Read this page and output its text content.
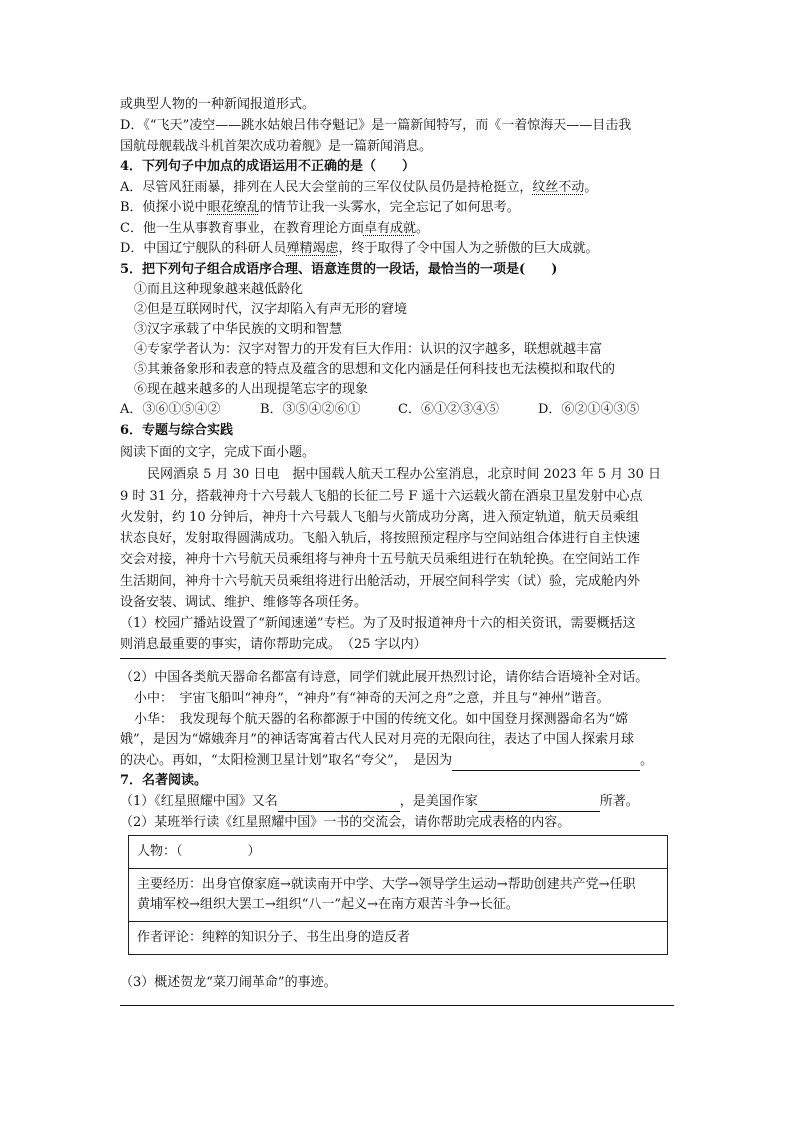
或典型人物的一种新闻报道形式。
D．《“飞天”凌空——跳水姑娘吕伟夺魁记》是一篇新闻特写，而《一着惊海天——目击我
国航母舰载战斗机首架次成功着舰》是一篇新闻消息。
4．下列句子中加点的成语运用不正确的是（　　）
A．尽管风狂雨暴，排列在人民大会堂前的三军仪仗队员仍是持枪挺立，纹丝不动。
B．侦探小说中眼花缭乱的情节让我一头雾水，完全忘记了如何思考。
C．他一生从事教育事业，在教育理论方面卓有成就。
D．中国辽宁舰队的科研人员殚精竭虑，终于取得了令中国人为之骄傲的巨大成就。
5．把下列句子组合成语序合理、语意连贯的一段话，最恰当的一项是(　　)
①而且这种现象越来越低龄化
②但是互联网时代，汉字却陷入有声无形的窘境
③汉字承载了中华民族的文明和智慧
④专家学者认为：汉字对智力的开发有巨大作用：认识的汉字越多，联想就越丰富
⑤其兼备象形和表意的特点及蕴含的思想和文化内涵是任何科技也无法模拟和取代的
⑥现在越来越多的人出现提笔忘字的现象
A．③⑥①⑤④②	B．③⑤④②⑥①	C．⑥①②③④⑤	D．⑥②①④③⑤
6．专题与综合实践
阅读下面的文字，完成下面小题。
民网酒泉 5 月 30 日电　据中国载人航天工程办公室消息，北京时间 2023 年 5 月 30 日
9 时 31 分，搭载神舟十六号载人飞船的长征二号 F 遥十六运载火箭在酒泉卫星发射中心点
火发射，约 10 分钟后，神舟十六号载人飞船与火箭成功分离，进入预定轨道，航天员乘组
状态良好，发射取得圆满成功。飞船入轨后，将按照预定程序与空间站组合体进行自主快速
交会对接，神舟十六号航天员乘组将与神舟十五号航天员乘组进行在轨轮换。在空间站工作
生活期间，神舟十六号航天员乘组将进行出舱活动，开展空间科学实（试）验，完成舱内外
设备安装、调试、维护、维修等各项任务。
（1）校园广播站设置了“新闻速递”专栏。为了及时报道神舟十六的相关资讯，需要概括这
则消息最重要的事实，请你帮助完成。　（25 字以内）
（2）中国各类航天器命名都富有诗意，同学们就此展开热烈讨论，请你结合语境补全对话。
小中：　宇宙飞船叫“神舟”，“神舟”有“神奇的天河之舟”之意，并且与“神州”谐音。
小华：　我发现每个航天器的名称都源于中国的传统文化。如中国登月探测器命名为“嫦
娥”，是因为“嫦娥奔月”的神话寄寓着古代人民对月亮的无限向往，表达了中国人探索月球
的决心。再如，“太阳检测卫星计划”取名“夸父”，　是因为	。
7．名著阅读。
（1）《红星照耀中国》又名	，是美国作家	所著。
（2）某班举行读《红星照耀中国》一书的交流会，请你帮助完成表格的内容。
人物：（　　　　　）
主要经历：出身官僚家庭→就读南开中学、大学→领导学生运动→帮助创建共产党→任职
黄埔军校→组织大罢工→组织“八一”起义→在南方艰苦斗争→长征。
作者评论：纯粹的知识分子、书生出身的造反者
（3）概述贺龙“菜刀闹革命”的事迹。
